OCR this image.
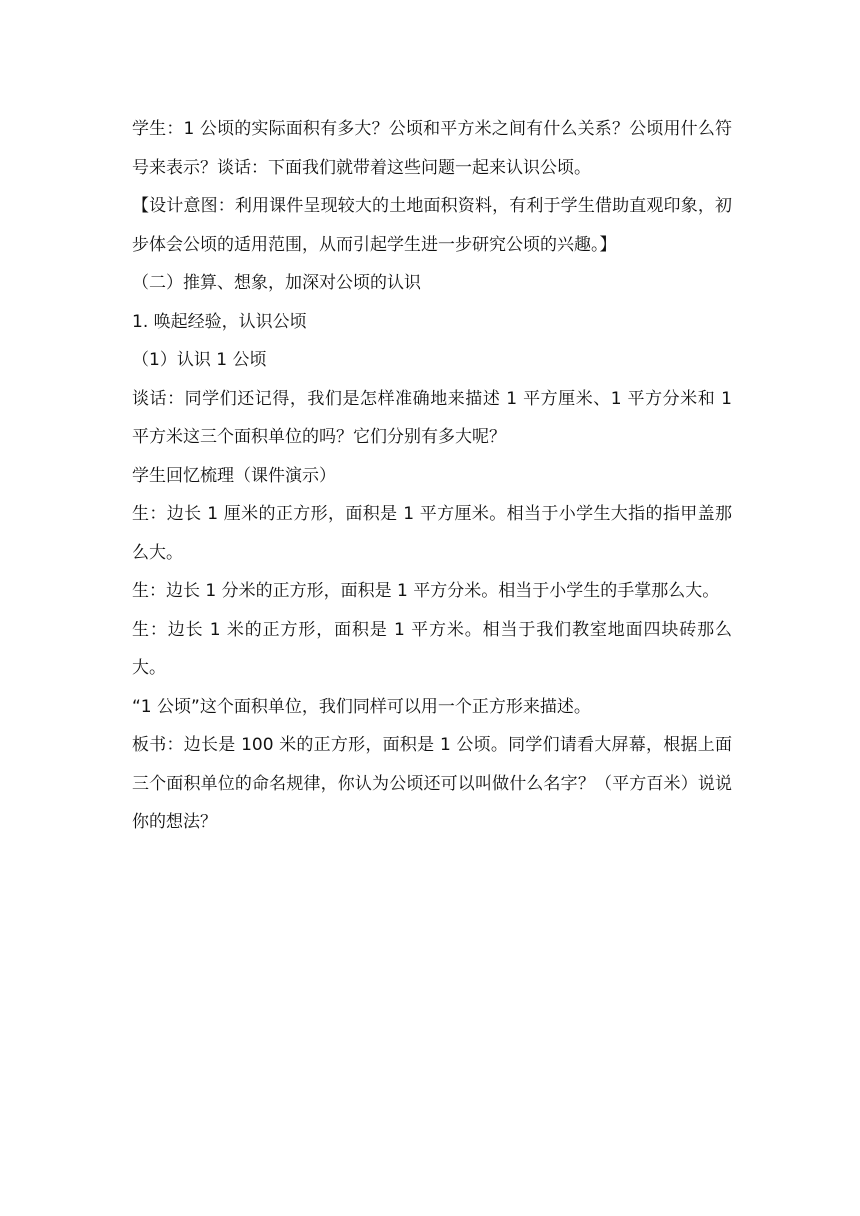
学生：1 公顷的实际面积有多大？公顷和平方米之间有什么关系？公顷用什么符号来表示？谈话：下面我们就带着这些问题一起来认识公顷。

【设计意图：利用课件呈现较大的土地面积资料，有利于学生借助直观印象，初步体会公顷的适用范围，从而引起学生进一步研究公顷的兴趣。】

（二）推算、想象，加深对公顷的认识

1. 唤起经验，认识公顷

（1）认识 1 公顷

谈话：同学们还记得，我们是怎样准确地来描述 1 平方厘米、1 平方分米和 1 平方米这三个面积单位的吗？它们分别有多大呢？

学生回忆梳理（课件演示）

生：边长 1 厘米的正方形，面积是 1 平方厘米。相当于小学生大指的指甲盖那么大。

生：边长 1 分米的正方形，面积是 1 平方分米。相当于小学生的手掌那么大。

生：边长 1 米的正方形，面积是 1 平方米。相当于我们教室地面四块砖那么大。

“1 公顷”这个面积单位，我们同样可以用一个正方形来描述。

板书：边长是 100 米的正方形，面积是 1 公顷。同学们请看大屏幕，根据上面三个面积单位的命名规律，你认为公顷还可以叫做什么名字？（平方百米）说说你的想法？
